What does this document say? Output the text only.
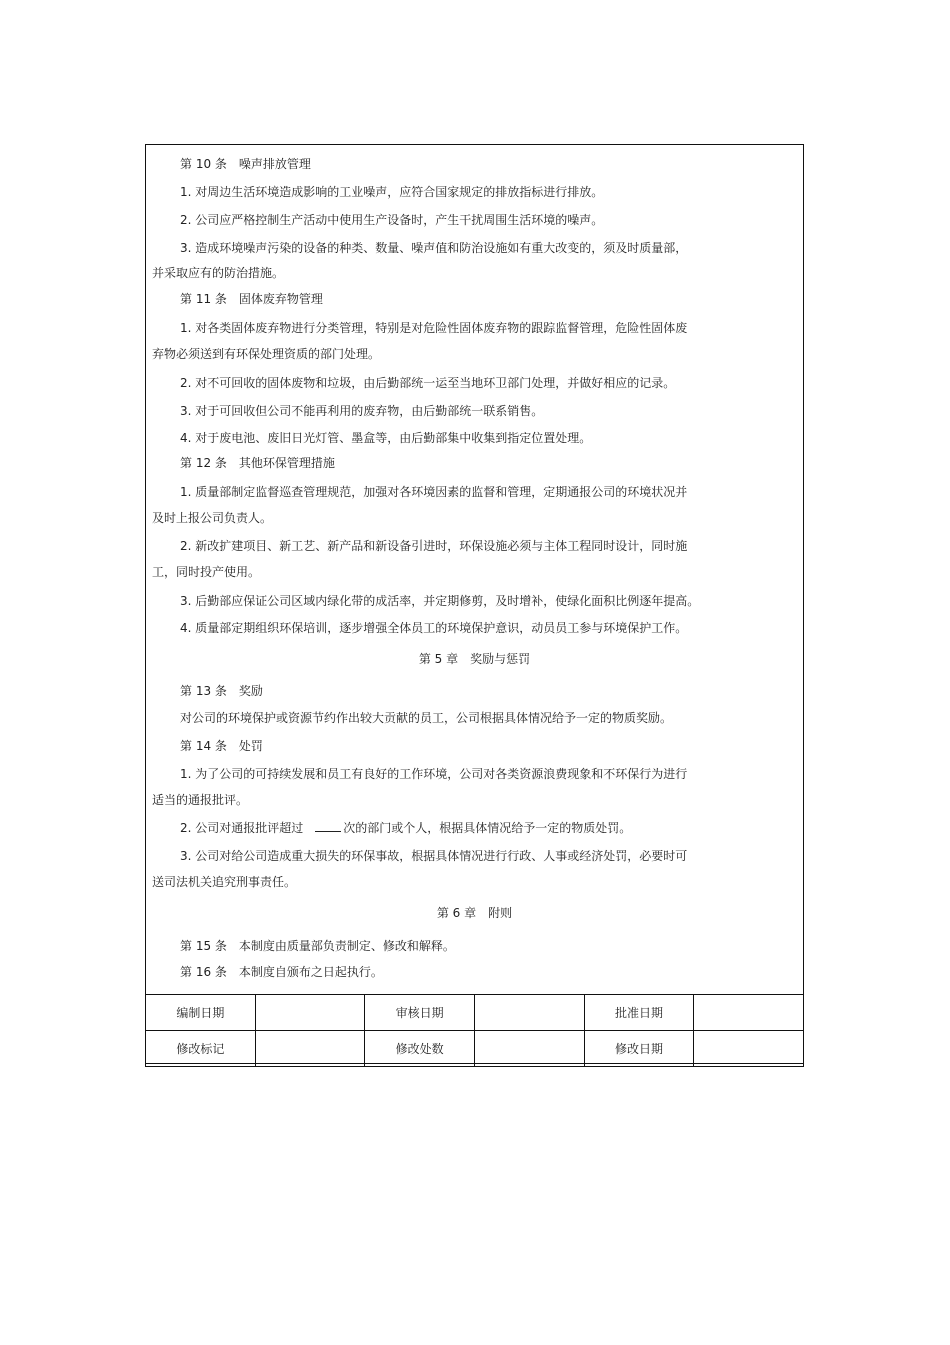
第 10 条 噪声排放管理
1. 对周边生活环境造成影响的工业噪声，应符合国家规定的排放指标进行排放。
2. 公司应严格控制生产活动中使用生产设备时，产生干扰周围生活环境的噪声。
3. 造成环境噪声污染的设备的种类、数量、噪声值和防治设施如有重大改变的，须及时质量部，
并采取应有的防治措施。
第 11 条 固体废弃物管理
1. 对各类固体废弃物进行分类管理，特别是对危险性固体废弃物的跟踪监督管理，危险性固体废
弃物必须送到有环保处理资质的部门处理。
2. 对不可回收的固体废物和垃圾，由后勤部统一运至当地环卫部门处理，并做好相应的记录。
3. 对于可回收但公司不能再利用的废弃物，由后勤部统一联系销售。
4. 对于废电池、废旧日光灯管、墨盒等，由后勤部集中收集到指定位置处理。
第 12 条 其他环保管理措施
1. 质量部制定监督巡查管理规范，加强对各环境因素的监督和管理，定期通报公司的环境状况并
及时上报公司负责人。
2. 新改扩建项目、新工艺、新产品和新设备引进时，环保设施必须与主体工程同时设计，同时施
工，同时投产使用。
3. 后勤部应保证公司区域内绿化带的成活率，并定期修剪，及时增补，使绿化面积比例逐年提高。
4. 质量部定期组织环保培训，逐步增强全体员工的环境保护意识，动员员工参与环境保护工作。
第 5 章 奖励与惩罚
第 13 条 奖励
对公司的环境保护或资源节约作出较大贡献的员工，公司根据具体情况给予一定的物质奖励。
第 14 条 处罚
1. 为了公司的可持续发展和员工有良好的工作环境，公司对各类资源浪费现象和不环保行为进行
适当的通报批评。
2. 公司对通报批评超过	次的部门或个人，根据具体情况给予一定的物质处罚。
3. 公司对给公司造成重大损失的环保事故，根据具体情况进行行政、人事或经济处罚，必要时可
送司法机关追究刑事责任。
第 6 章 附则
第 15 条 本制度由质量部负责制定、修改和解释。
第 16 条 本制度自颁布之日起执行。
编制日期		审核日期		批准日期	
修改标记		修改处数		修改日期	
